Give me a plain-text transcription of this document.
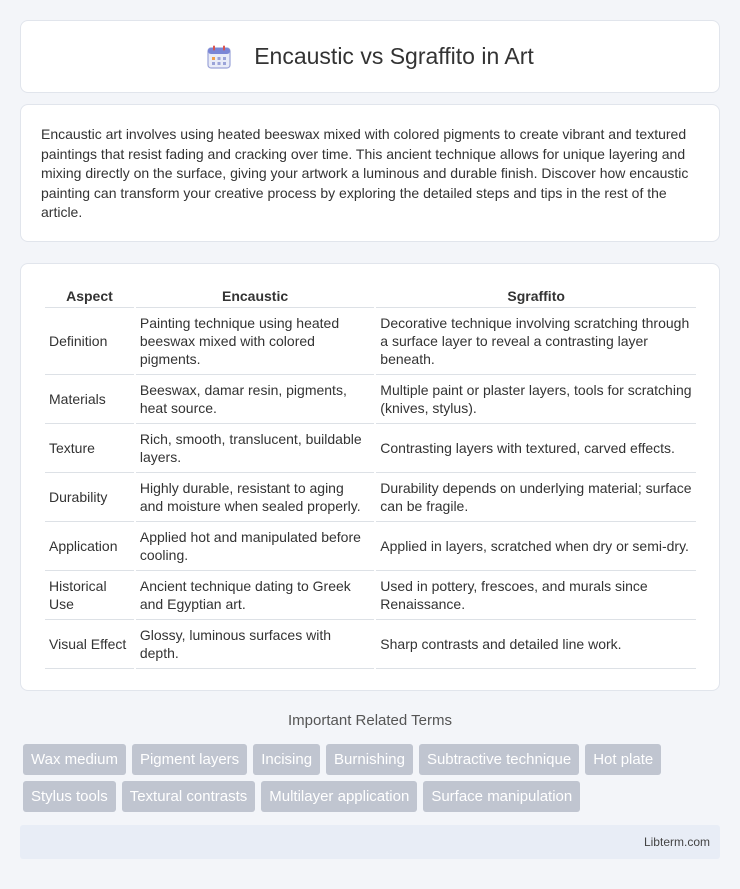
Encaustic vs Sgraffito in Art

Encaustic art involves using heated beeswax mixed with colored pigments to create vibrant and textured paintings that resist fading and cracking over time. This ancient technique allows for unique layering and mixing directly on the surface, giving your artwork a luminous and durable finish. Discover how encaustic painting can transform your creative process by exploring the detailed steps and tips in the rest of the article.

Aspect	Encaustic	Sgraffito
Definition	Painting technique using heated beeswax mixed with colored pigments.	Decorative technique involving scratching through a surface layer to reveal a contrasting layer beneath.
Materials	Beeswax, damar resin, pigments, heat source.	Multiple paint or plaster layers, tools for scratching (knives, stylus).
Texture	Rich, smooth, translucent, buildable layers.	Contrasting layers with textured, carved effects.
Durability	Highly durable, resistant to aging and moisture when sealed properly.	Durability depends on underlying material; surface can be fragile.
Application	Applied hot and manipulated before cooling.	Applied in layers, scratched when dry or semi-dry.
Historical Use	Ancient technique dating to Greek and Egyptian art.	Used in pottery, frescoes, and murals since Renaissance.
Visual Effect	Glossy, luminous surfaces with depth.	Sharp contrasts and detailed line work.
Important Related Terms
Wax medium	Pigment layers	Incising	Burnishing	Subtractive technique	Hot plate
Stylus tools	Textural contrasts	Multilayer application	Surface manipulation
Libterm.com
